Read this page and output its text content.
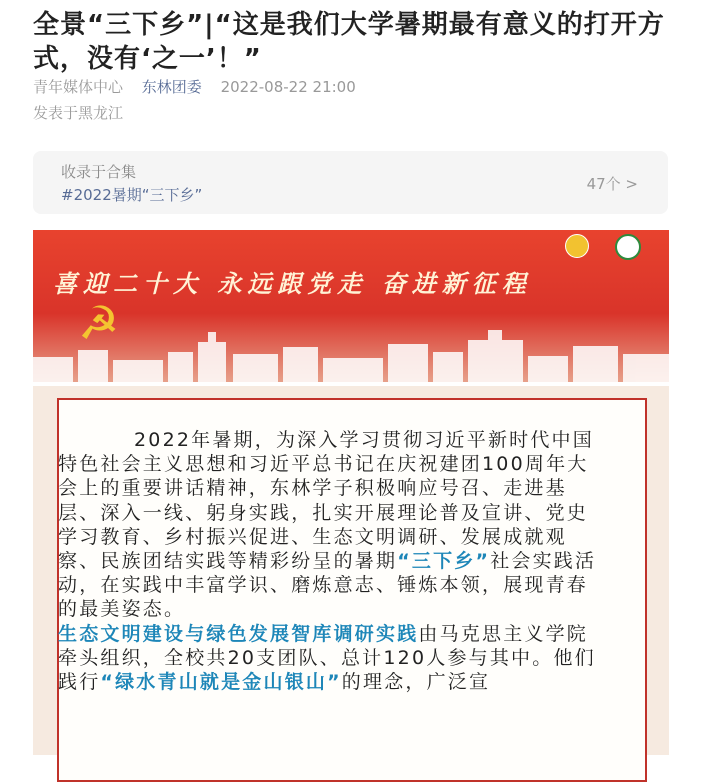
全景“三下乡”|“这是我们大学暑期最有意义的打开方式，没有‘之一’！”
青年媒体中心 东林团委 2022-08-22 21:00
发表于黑龙江
收录于合集
#2022暑期“三下乡”
47个 >
喜迎二十大 永远跟党走 奋进新征程
☭

2022年暑期，为深入学习贯彻习近平新时代中国特色社会主义思想和习近平总书记在庆祝建团100周年大会上的重要讲话精神，东林学子积极响应号召、走进基层、深入一线、躬身实践，扎实开展理论普及宣讲、党史学习教育、乡村振兴促进、生态文明调研、发展成就观察、民族团结实践等精彩纷呈的暑期“三下乡”社会实践活动，在实践中丰富学识、磨炼意志、锤炼本领，展现青春的最美姿态。

生态文明建设与绿色发展智库调研实践由马克思主义学院牵头组织，全校共20支团队、总计120人参与其中。他们践行“绿水青山就是金山银山”的理念，广泛宣
